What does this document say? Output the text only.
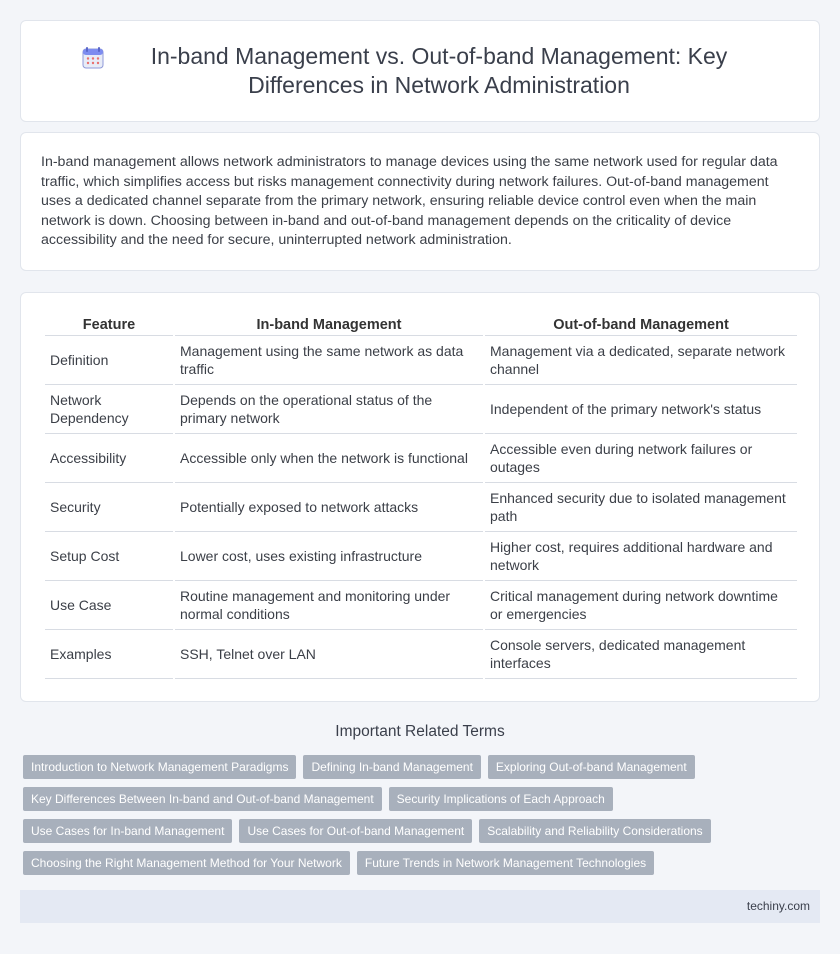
In-band Management vs. Out-of-band Management: Key Differences in Network Administration

In-band management allows network administrators to manage devices using the same network used for regular data traffic, which simplifies access but risks management connectivity during network failures. Out-of-band management uses a dedicated channel separate from the primary network, ensuring reliable device control even when the main network is down. Choosing between in-band and out-of-band management depends on the criticality of device accessibility and the need for secure, uninterrupted network administration.

Feature	In-band Management	Out-of-band Management
Definition	Management using the same network as data traffic	Management via a dedicated, separate network channel
Network Dependency	Depends on the operational status of the primary network	Independent of the primary network's status
Accessibility	Accessible only when the network is functional	Accessible even during network failures or outages
Security	Potentially exposed to network attacks	Enhanced security due to isolated management path
Setup Cost	Lower cost, uses existing infrastructure	Higher cost, requires additional hardware and network
Use Case	Routine management and monitoring under normal conditions	Critical management during network downtime or emergencies
Examples	SSH, Telnet over LAN	Console servers, dedicated management interfaces
Important Related Terms
Introduction to Network Management Paradigms	Defining In-band Management	Exploring Out-of-band Management
Key Differences Between In-band and Out-of-band Management	Security Implications of Each Approach
Use Cases for In-band Management	Use Cases for Out-of-band Management	Scalability and Reliability Considerations
Choosing the Right Management Method for Your Network	Future Trends in Network Management Technologies
techiny.com
